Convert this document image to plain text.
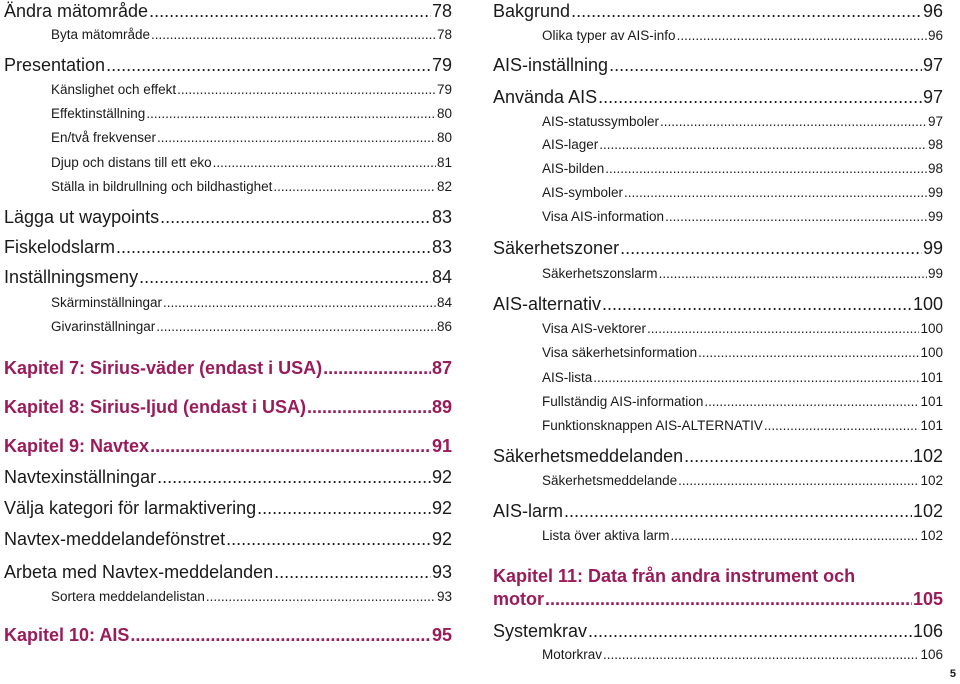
Ändra mätområde .....	78
Byta mätområde .....	78
Presentation .....	79
Känslighet och effekt .....	79
Effektinställning .....	80
En/två frekvenser .....	80
Djup och distans till ett eko .....	81
Ställa in bildrullning och bildhastighet .....	82
Lägga ut waypoints .....	83
Fiskelodslarm .....	83
Inställningsmeny .....	84
Skärminställningar .....	84
Givarinställningar .....	86
Kapitel 7: Sirius-väder (endast i USA) .....	87
Kapitel 8: Sirius-ljud (endast i USA) .....	89
Kapitel 9: Navtex .....	91
Navtexinställningar .....	92
Välja kategori för larmaktivering .....	92
Navtex-meddelandefönstret .....	92
Arbeta med Navtex-meddelanden .....	93
Sortera meddelandelistan .....	93
Kapitel 10: AIS .....	95
Bakgrund .....	96
Olika typer av AIS-info .....	96
AIS-inställning .....	97
Använda AIS .....	97
AIS-statussymboler .....	97
AIS-lager .....	98
AIS-bilden .....	98
AIS-symboler .....	99
Visa AIS-information .....	99
Säkerhetszoner .....	99
Säkerhetszonslarm .....	99
AIS-alternativ .....	100
Visa AIS-vektorer .....	100
Visa säkerhetsinformation .....	100
AIS-lista .....	101
Fullständig AIS-information .....	101
Funktionsknappen AIS-ALTERNATIV .....	101
Säkerhetsmeddelanden .....	102
Säkerhetsmeddelande .....	102
AIS-larm .....	102
Lista över aktiva larm .....	102
Kapitel 11: Data från andra instrument och
motor .....	105
Systemkrav .....	106
Motorkrav .....	106
5
